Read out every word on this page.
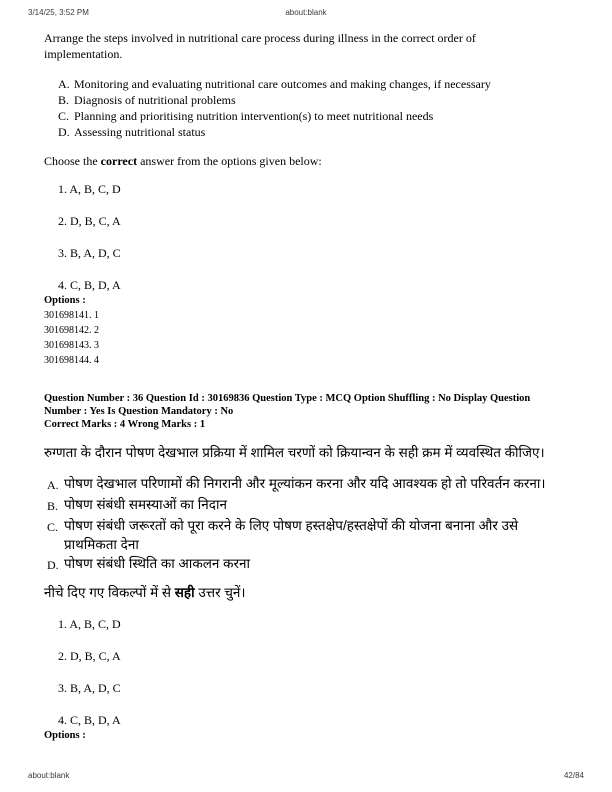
3/14/25, 3:52 PM	about:blank

Arrange the steps involved in nutritional care process during illness in the correct order of implementation.

A. Monitoring and evaluating nutritional care outcomes and making changes, if necessary
B. Diagnosis of nutritional problems
C. Planning and prioritising nutrition intervention(s) to meet nutritional needs
D. Assessing nutritional status

Choose the correct answer from the options given below:

1. A, B, C, D
2. D, B, C, A
3. B, A, D, C
4. C, B, D, A
Options :
301698141. 1
301698142. 2
301698143. 3
301698144. 4

Question Number : 36 Question Id : 30169836 Question Type : MCQ Option Shuffling : No Display Question Number : Yes Is Question Mandatory : No

Correct Marks : 4 Wrong Marks : 1

रुग्णता के दौरान पोषण देखभाल प्रक्रिया में शामिल चरणों को क्रियान्वन के सही क्रम में व्यवस्थित कीजिए।

A. पोषण देखभाल परिणामों की निगरानी और मूल्यांकन करना और यदि आवश्यक हो तो परिवर्तन करना।
B. पोषण संबंधी समस्याओं का निदान
C. पोषण संबंधी जरूरतों को पूरा करने के लिए पोषण हस्तक्षेप/हस्तक्षेपों की योजना बनाना और उसे प्राथमिकता देना
D. पोषण संबंधी स्थिति का आकलन करना

नीचे दिए गए विकल्पों में से सही उत्तर चुनें।

1. A, B, C, D
2. D, B, C, A
3. B, A, D, C
4. C, B, D, A
Options :
about:blank	42/84
